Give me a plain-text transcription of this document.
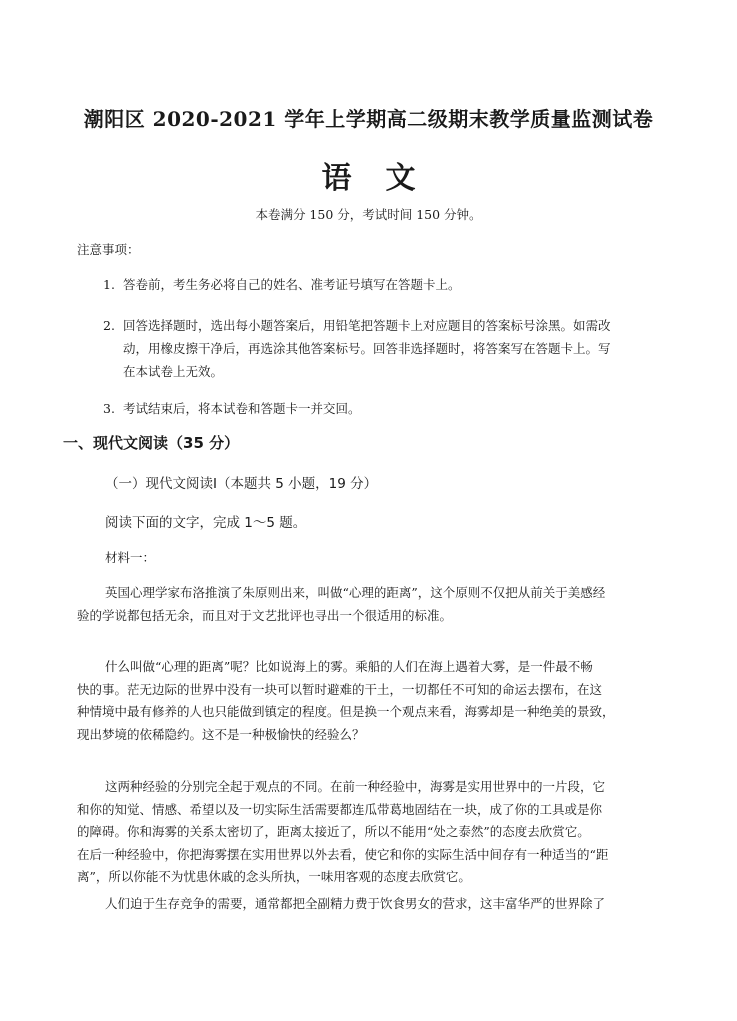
潮阳区 2020-2021 学年上学期高二级期末教学质量监测试卷
语 文
本卷满分 150 分，考试时间 150 分钟。
注意事项：
1. 答卷前，考生务必将自己的姓名、准考证号填写在答题卡上。
2. 回答选择题时，选出每小题答案后，用铅笔把答题卡上对应题目的答案标号涂黑。如需改
动，用橡皮擦干净后，再选涂其他答案标号。回答非选择题时，将答案写在答题卡上。写
在本试卷上无效。
3. 考试结束后，将本试卷和答题卡一并交回。
一、现代文阅读（35 分）
（一）现代文阅读Ⅰ（本题共 5 小题，19 分）
阅读下面的文字，完成 1～5 题。
材料一：
英国心理学家布洛推演了朱原则出来，叫做“心理的距离”，这个原则不仅把从前关于美感经
验的学说都包括无余，而且对于文艺批评也寻出一个很适用的标准。
什么叫做“心理的距离”呢？比如说海上的雾。乘船的人们在海上遇着大雾，是一件最不畅
快的事。茫无边际的世界中没有一块可以暂时避难的干土，一切都任不可知的命运去摆布，在这
种情境中最有修养的人也只能做到镇定的程度。但是换一个观点来看，海雾却是一种绝美的景致，
现出梦境的依稀隐约。这不是一种极愉快的经验么？
这两种经验的分别完全起于观点的不同。在前一种经验中，海雾是实用世界中的一片段，它
和你的知觉、情感、希望以及一切实际生活需要都连瓜带葛地固结在一块，成了你的工具或是你
的障碍。你和海雾的关系太密切了，距离太接近了，所以不能用“处之泰然”的态度去欣赏它。
在后一种经验中，你把海雾摆在实用世界以外去看，使它和你的实际生活中间存有一种适当的“距
离”，所以你能不为忧患休戚的念头所执，一味用客观的态度去欣赏它。
人们迫于生存竞争的需要，通常都把全副精力费于饮食男女的营求，这丰富华严的世界除了
